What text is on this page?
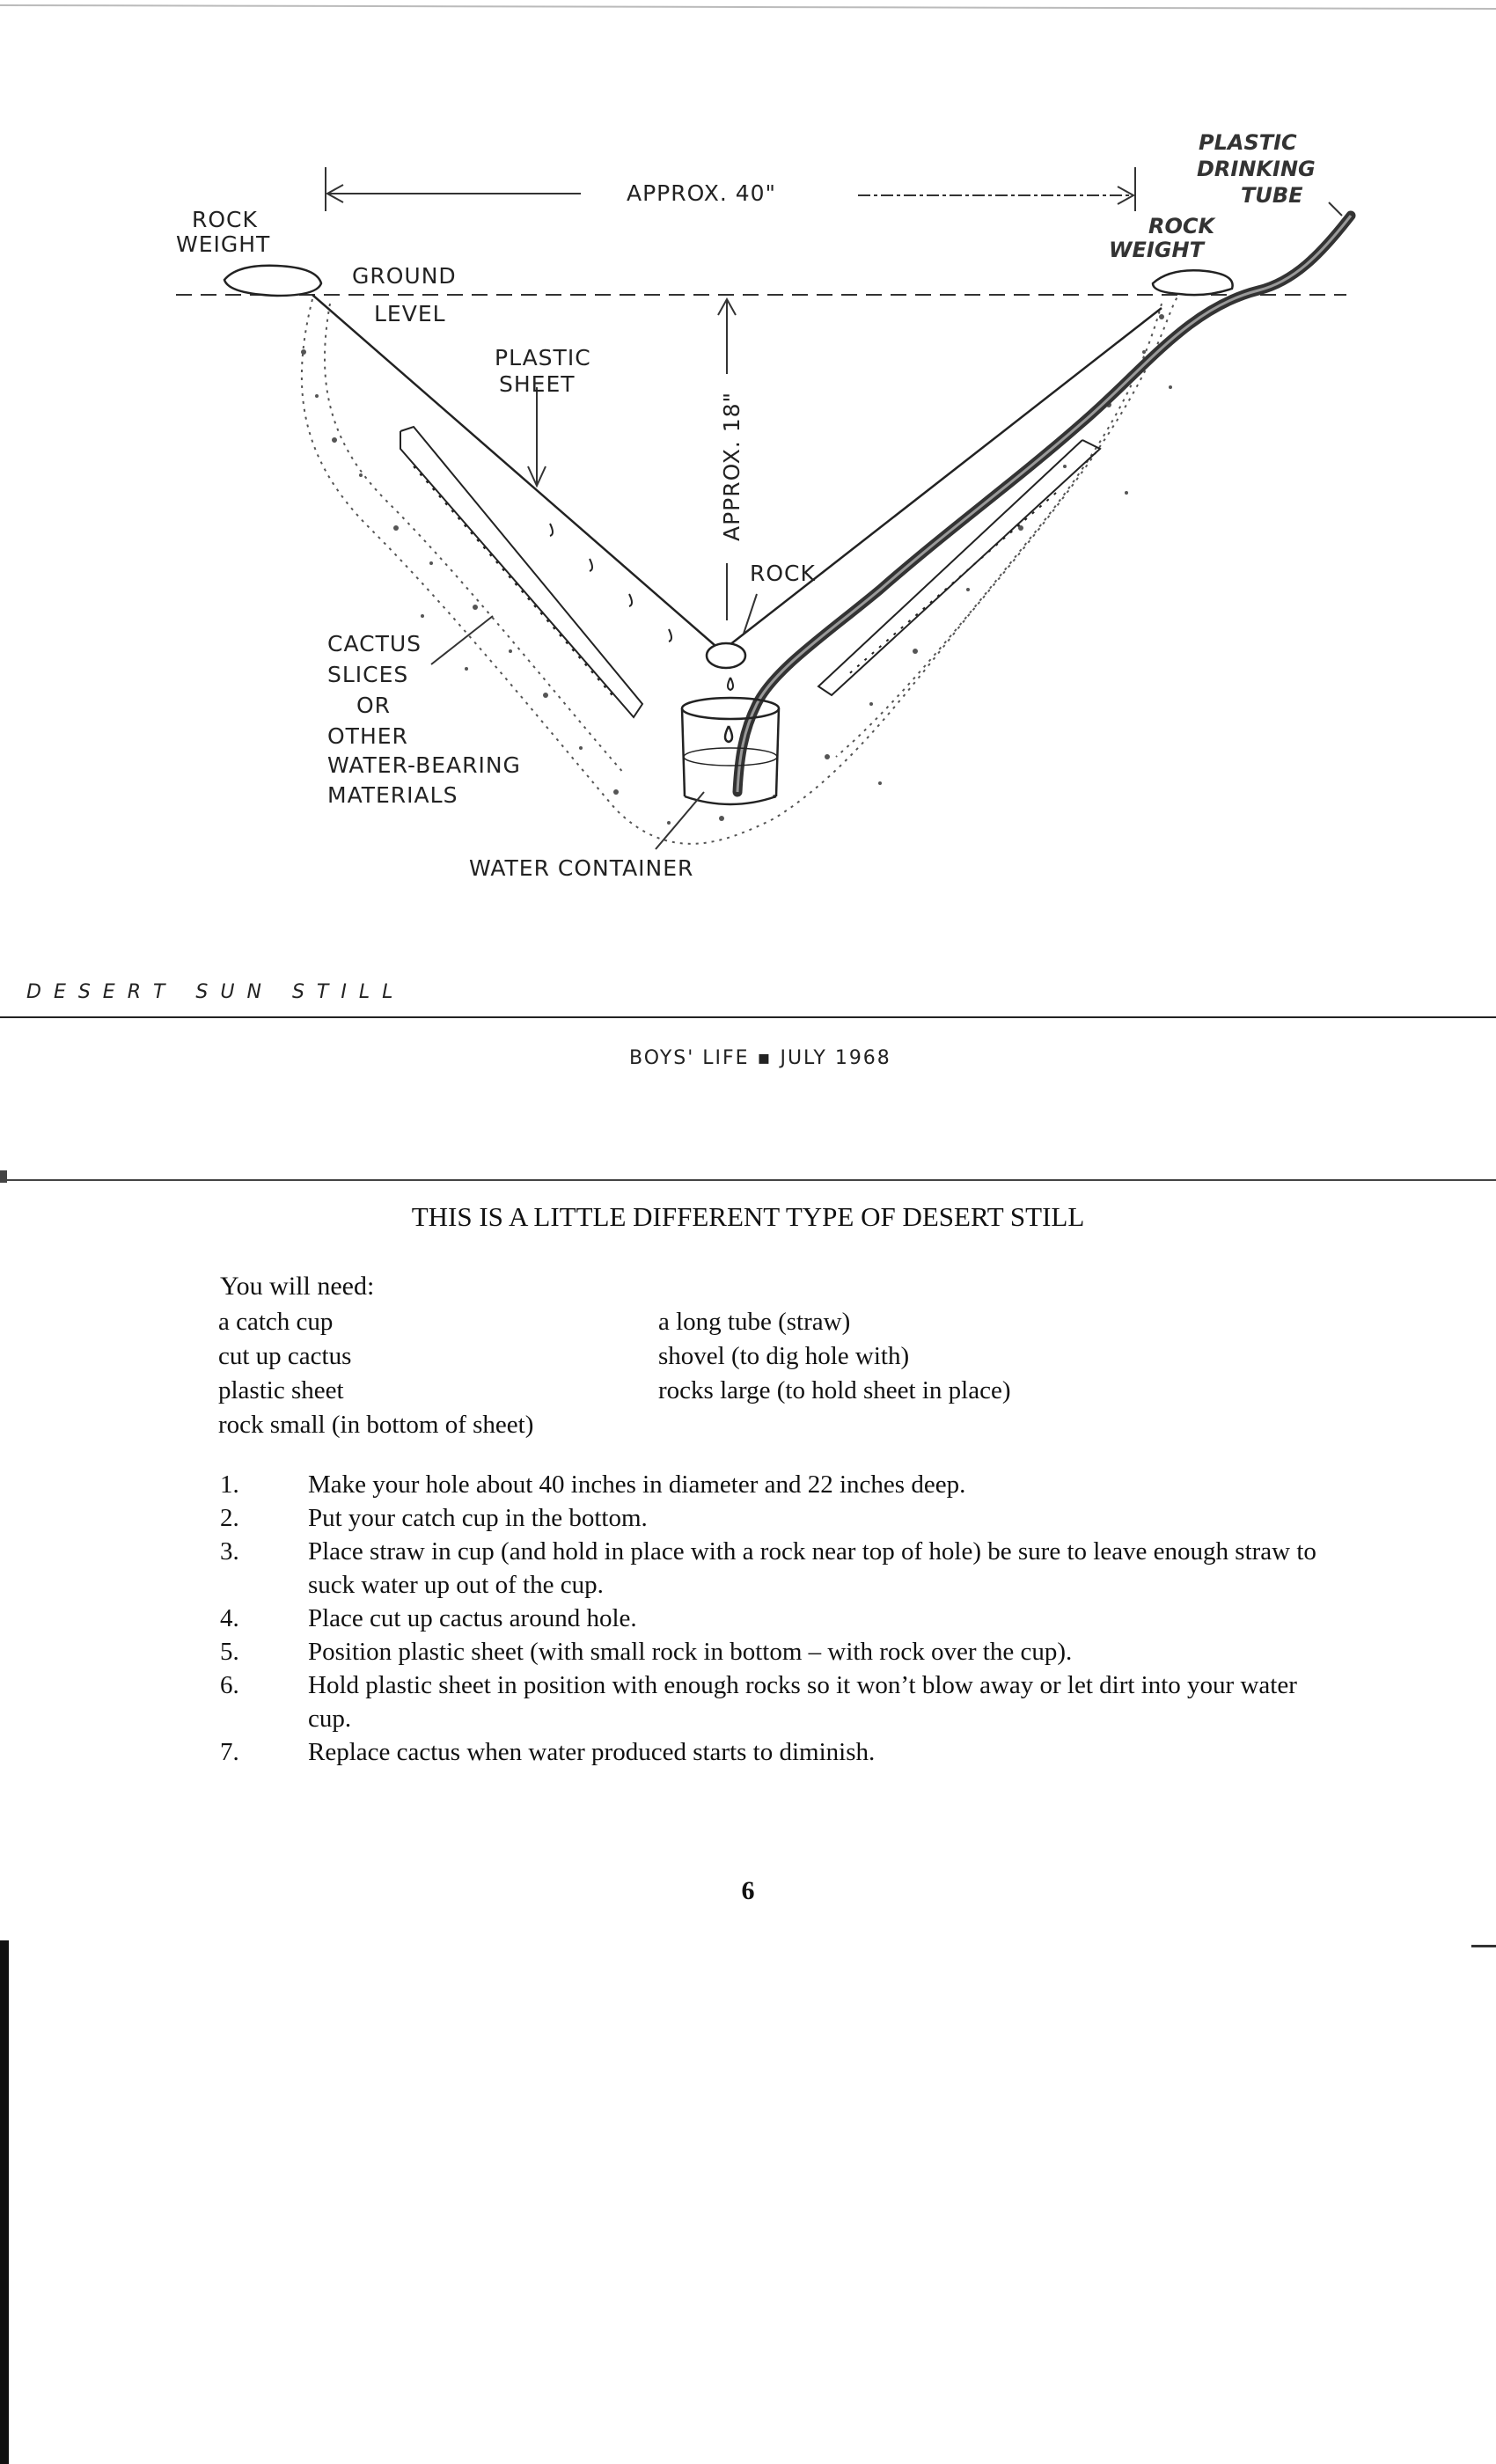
APPROX. 40"
APPROX. 18"
ROCK
WEIGHT
GROUND
LEVEL
PLASTIC
SHEET
ROCK
CACTUS
SLICES
OR
OTHER
WATER-BEARING
MATERIALS
WATER CONTAINER
PLASTIC
DRINKING
TUBE
ROCK
WEIGHT
DESERT SUN STILL
BOYS' LIFE ▪ JULY 1968
THIS IS A LITTLE DIFFERENT TYPE OF DESERT STILL
You will need:
a catch cup
cut up cactus
plastic sheet
rock small (in bottom of sheet)
a long tube (straw)
shovel (to dig hole with)
rocks large (to hold sheet in place)
1.	Make your hole about 40 inches in diameter and 22 inches deep.
2.	Put your catch cup in the bottom.
3.	Place straw in cup (and hold in place with a rock near top of hole) be sure to leave enough straw to suck water up out of the cup.
4.	Place cut up cactus around hole.
5.	Position plastic sheet (with small rock in bottom – with rock over the cup).
6.	Hold plastic sheet in position with enough rocks so it won’t blow away or let dirt into your water cup.
7.	Replace cactus when water produced starts to diminish.
6
